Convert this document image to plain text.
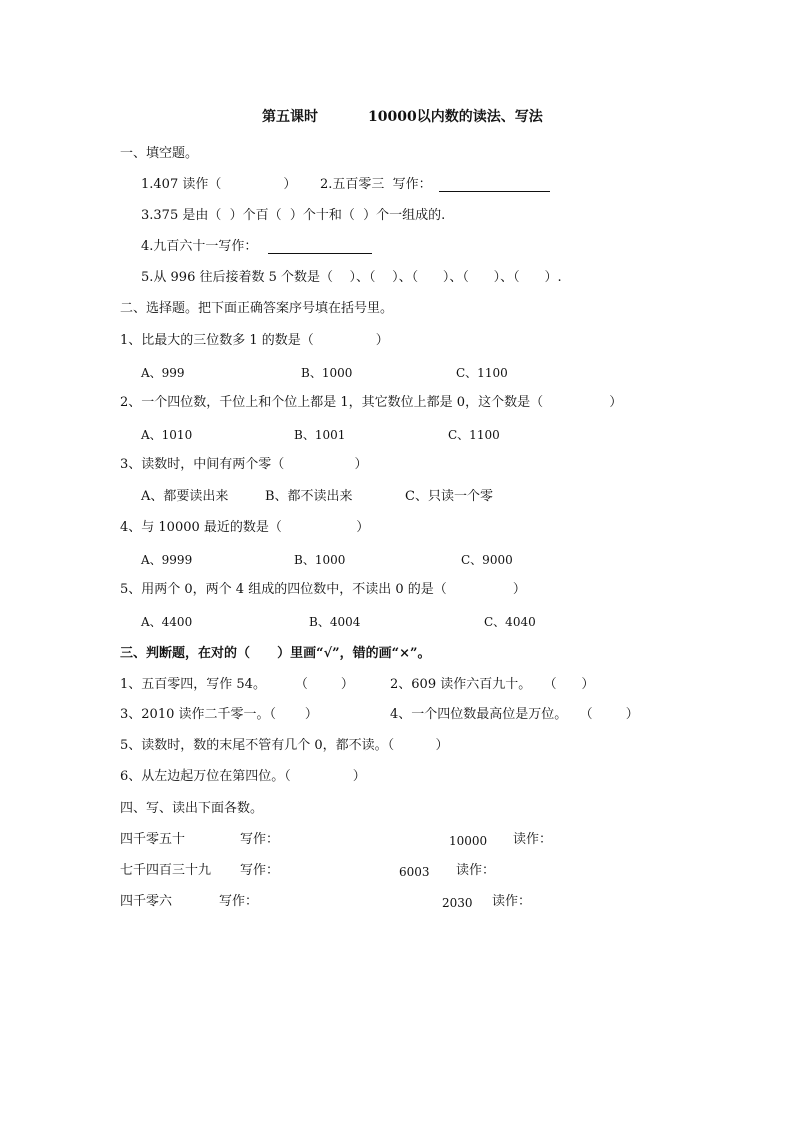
第五课时	10000以内数的读法、写法
一、填空题。
1.407 读作（               ） 2.五百零三  写作：
3.375 是由（  ）个百（  ）个十和（  ）个一组成的.
4.九百六十一写作：
5.从 996 往后接着数 5 个数是（    ）、（    ）、（      ）、（      ）、（      ）.
二、选择题。把下面正确答案序号填在括号里。
1、比最大的三位数多 1 的数是（               ）
A、999	B、1000	C、1100
2、一个四位数，千位上和个位上都是 1，其它数位上都是 0，这个数是（                ）
A、1010	B、1001	C、1100
3、读数时，中间有两个零（                 ）
A、都要读出来	B、都不读出来	C、只读一个零
4、与 10000 最近的数是（                  ）
A、9999	B、1000	C、9000
5、用两个 0，两个 4 组成的四位数中，不读出 0 的是（                ）
A、4400	B、4004	C、4040
三、判断题，在对的（      ）里画“√”，错的画“×”。
1、五百零四，写作 54。       （        ）	2、609 读作六百九十。   （      ）
3、2010 读作二千零一。（       ）	4、一个四位数最高位是万位。   （        ）
5、读数时，数的末尾不管有几个 0，都不读。（          ）
6、从左边起万位在第四位。（               ）
四、写、读出下面各数。
四千零五十	写作：	10000 读作：
七千四百三十九 写作：	6003 读作：
四千零六	写作：	2030 读作：
